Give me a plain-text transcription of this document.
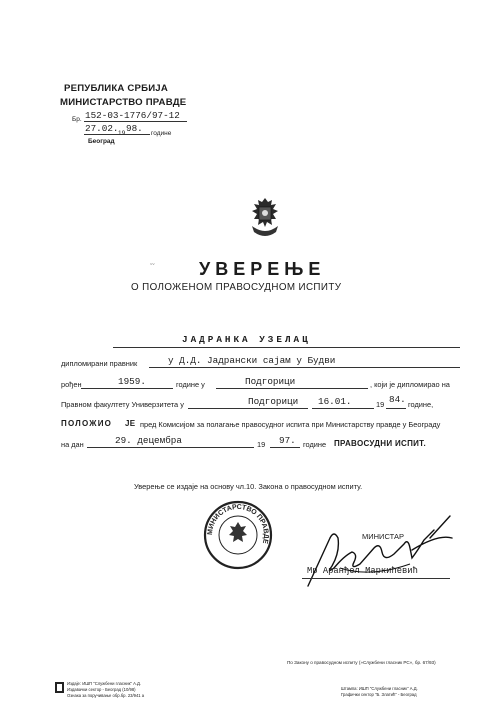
РЕПУБЛИКА СРБИЈА
МИНИСТАРСТВО ПРАВДЕ
Бр. 152-03-1776/97-12
27.02. 19 98. године
Београд
ˇˇ УВЕРЕЊЕ
О ПОЛОЖЕНОМ ПРАВОСУДНОМ ИСПИТУ
ЈАДРАНКА УЗЕЛАЦ
дипломирани правник	у Д.Д. Јадрански сајам у Будви
рођен	1959.	године у	Подгорици	, који је дипломирао на
Правном факултету Универзитета у	Подгорици 16.01.	19 84. године,
ПОЛОЖИО ЈЕ пред Комисијом за полагање правосудног испита при Министарству правде у Београду
на дан	29. децембра	19 97. године ПРАВОСУДНИ ИСПИТ.
Уверење се издаје на основу чл.10. Закона о правосудном испиту.
МИНИСТАРСТВО ПРАВДЕ
МИНИСТАР
Мр Аранђел Маркићевић
По Закону о правосудном испиту (»Службени гласник РС«, бр. 67/93)
Издаје: ИШП "Службени гласник" А.Д.
Издавачки сектор - Београд (10/98)
Ознака за поручивање обр.бр. 23/941 а
Штампа: ИШП "Службени гласник" А.Д.
Графички сектор "Б. Златић" - Београд
